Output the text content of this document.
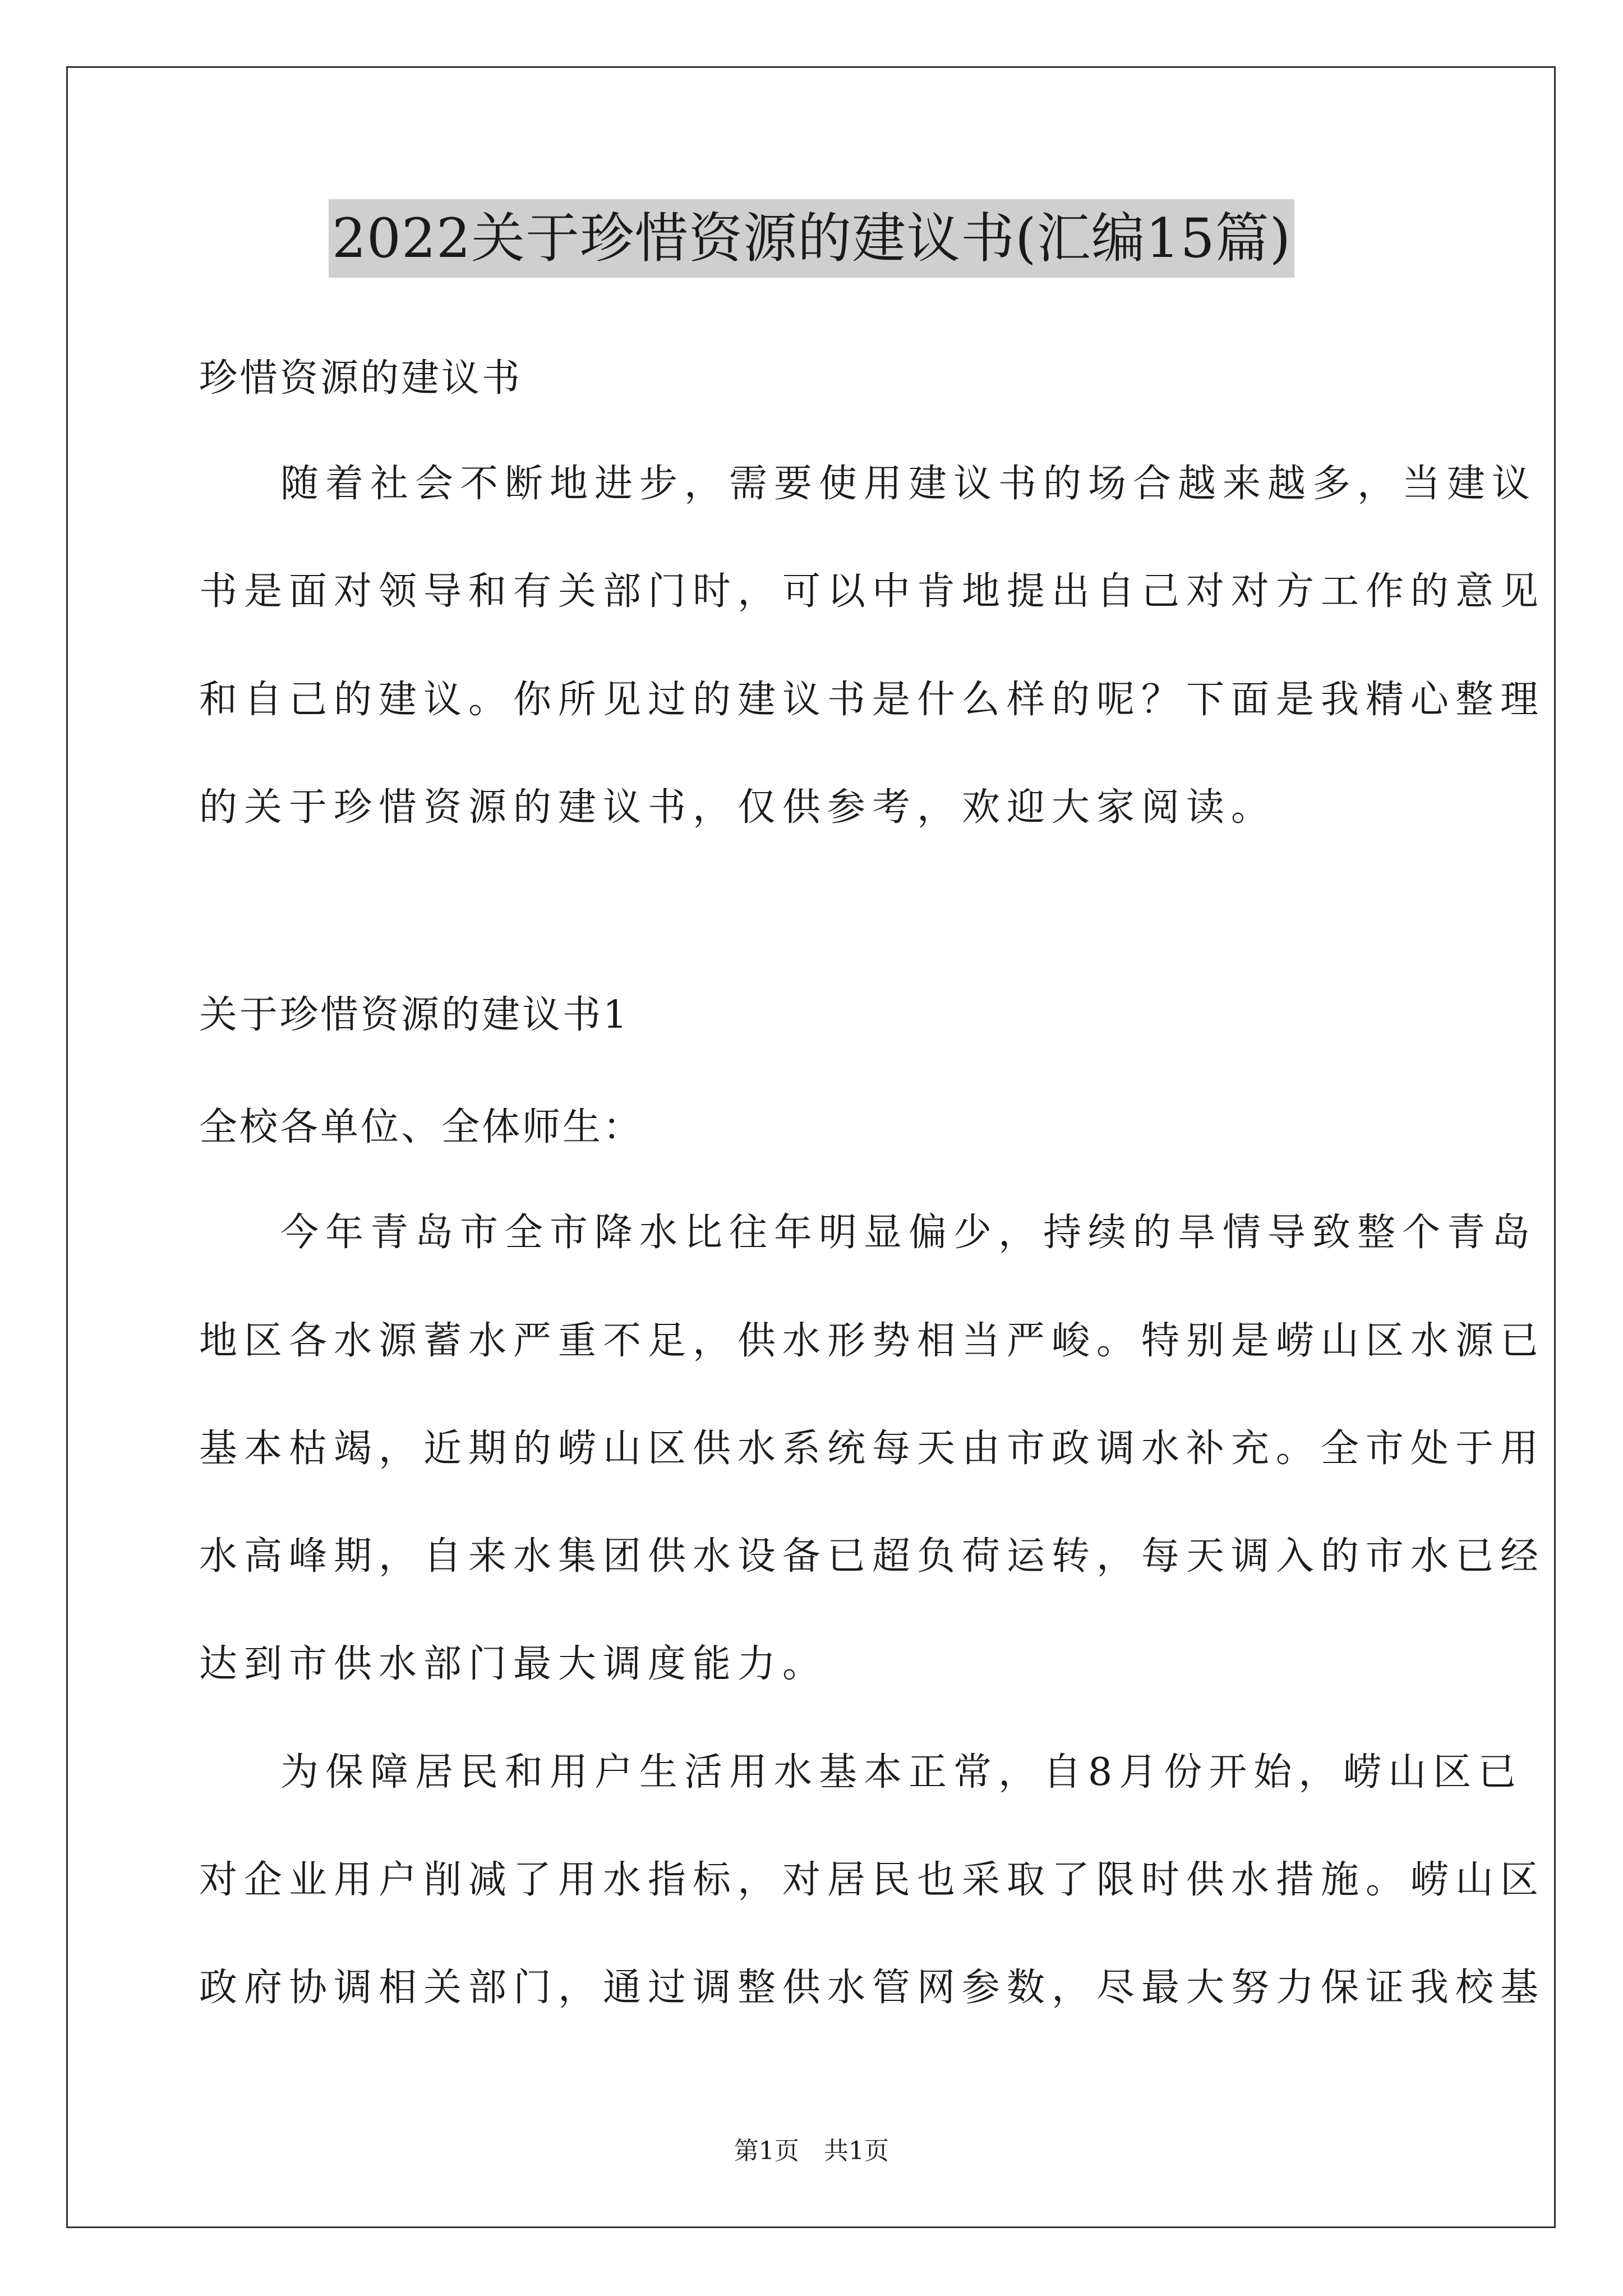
2022关于珍惜资源的建议书(汇编15篇)
珍惜资源的建议书
随着社会不断地进步，需要使用建议书的场合越来越多，当建议
书是面对领导和有关部门时，可以中肯地提出自己对对方工作的意见
和自己的建议。你所见过的建议书是什么样的呢？下面是我精心整理
的关于珍惜资源的建议书，仅供参考，欢迎大家阅读。
关于珍惜资源的建议书1
全校各单位、全体师生：
今年青岛市全市降水比往年明显偏少，持续的旱情导致整个青岛
地区各水源蓄水严重不足，供水形势相当严峻。特别是崂山区水源已
基本枯竭，近期的崂山区供水系统每天由市政调水补充。全市处于用
水高峰期，自来水集团供水设备已超负荷运转，每天调入的市水已经
达到市供水部门最大调度能力。
为保障居民和用户生活用水基本正常，自8月份开始，崂山区已
对企业用户削减了用水指标，对居民也采取了限时供水措施。崂山区
政府协调相关部门，通过调整供水管网参数，尽最大努力保证我校基
第1页　共1页
